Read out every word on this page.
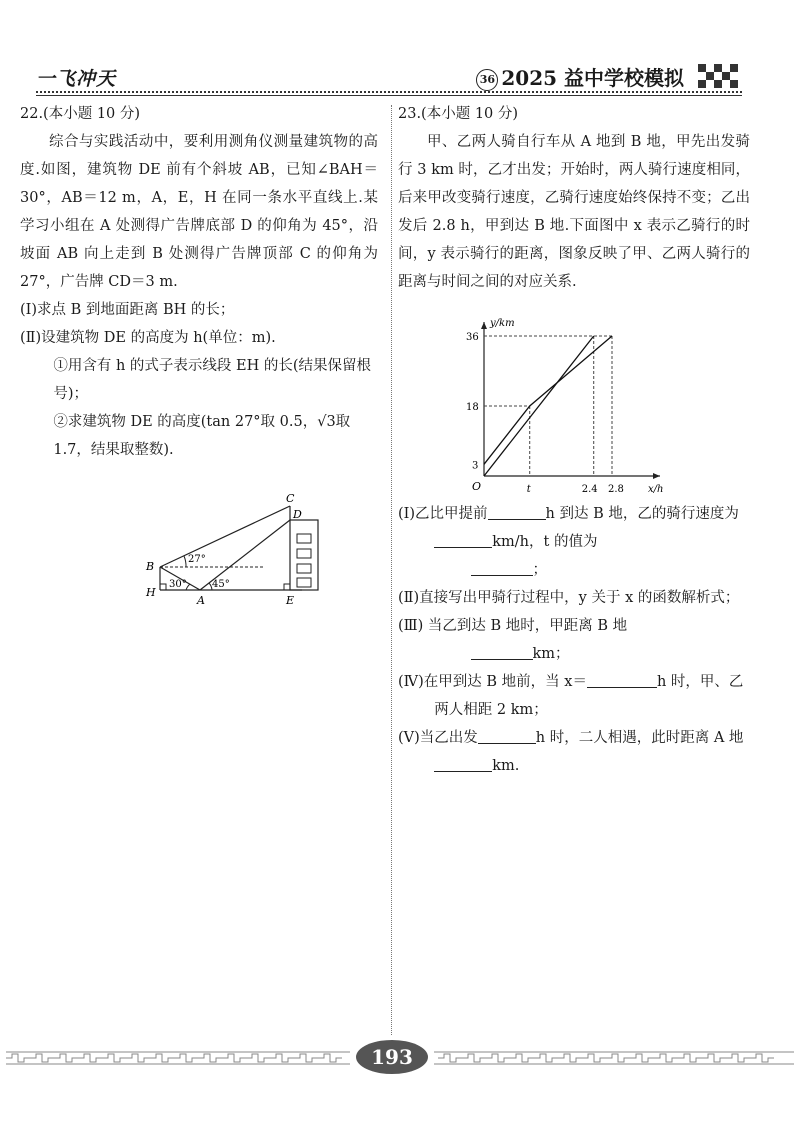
一飞冲天	36 2025 益中学校模拟

22.(本小题 10 分)

综合与实践活动中，要利用测角仪测量建筑物的高度.如图，建筑物 DE 前有个斜坡 AB，已知∠BAH＝30°，AB＝12 m，A，E，H 在同一条水平直线上.某学习小组在 A 处测得广告牌底部 D 的仰角为 45°，沿坡面 AB 向上走到 B 处测得广告牌顶部 C 的仰角为 27°，广告牌 CD＝3 m.

(Ⅰ)求点 B 到地面距离 BH 的长；

(Ⅱ)设建筑物 DE 的高度为 h(单位：m).

①用含有 h 的式子表示线段 EH 的长(结果保留根号)；

②求建筑物 DE 的高度(tan 27°取 0.5，√3取 1.7，结果取整数).

C
D
B
H
A	E
27°
30°	45°

23.(本小题 10 分)

甲、乙两人骑自行车从 A 地到 B 地，甲先出发骑行 3 km 时，乙才出发；开始时，两人骑行速度相同，后来甲改变骑行速度，乙骑行速度始终保持不变；乙出发后 2.8 h，甲到达 B 地.下面图中 x 表示乙骑行的时间，y 表示骑行的距离，图象反映了甲、乙两人骑行的距离与时间之间的对应关系.

x/h
y/km
O	t	2.4 2.8
3
18
36

(Ⅰ)乙比甲提前	h 到达 B 地，乙的骑行速度为km/h，t 的值为
；

(Ⅱ)直接写出甲骑行过程中，y 关于 x 的函数解析式；

(Ⅲ) 当乙到达 B 地时，甲距离 B 地
km；

(Ⅳ)在甲到达 B 地前，当 x＝	h 时，甲、乙两人相距 2 km；

(Ⅴ)当乙出发	h 时，二人相遇，此时距离 A 地km.

193
